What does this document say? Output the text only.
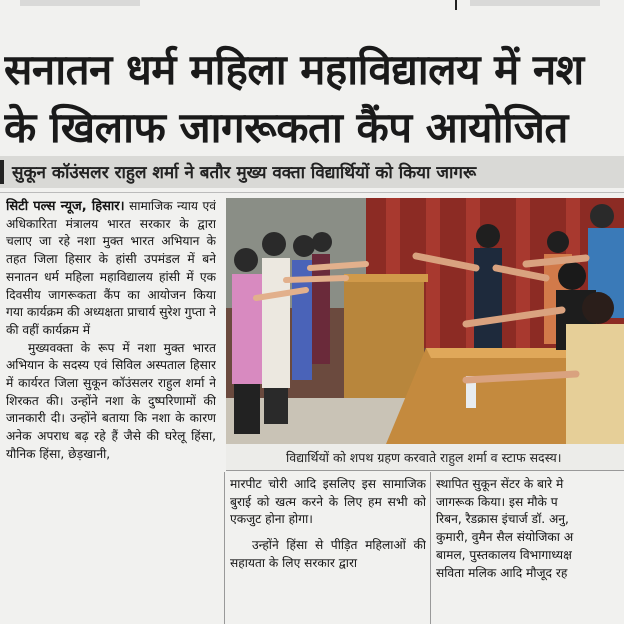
सनातन धर्म महिला महाविद्यालय में नश
के खिलाफ जागरूकता कैंप आयोजित
सुकून कॉउंसलर राहुल शर्मा ने बतौर मुख्य वक्ता विद्यार्थियों को किया जागरू

सिटी पल्स न्यूज, हिसार। सामाजिक न्याय एवं अधिकारिता मंत्रालय भारत सरकार के द्वारा चलाए जा रहे नशा मुक्त भारत अभियान के तहत जिला हिसार के हांसी उपमंडल में बने सनातन धर्म महिला महाविद्यालय हांसी में एक दिवसीय जागरूकता कैंप का आयोजन किया गया कार्यक्रम की अध्यक्षता प्राचार्य सुरेश गुप्ता ने की वहीं कार्यक्रम में

मुख्यवक्ता के रूप में नशा मुक्त भारत अभियान के सदस्य एवं सिविल अस्पताल हिसार में कार्यरत जिला सुकून कॉउंसलर राहुल शर्मा ने शिरकत की। उन्होंने नशा के दुष्परिणामों की जानकारी दी। उन्होंने बताया कि नशा के कारण अनेक अपराध बढ़ रहे हैं जैसे की घरेलू हिंसा, यौनिक हिंसा, छेड़खानी,	विद्यार्थियों को शपथ ग्रहण करवाते राहुल शर्मा व स्टाफ सदस्य।

मारपीट चोरी आदि इसलिए इस सामाजिक बुराई को खत्म करने के लिए हम सभी को एकजुट होना होगा।

उन्होंने हिंसा से पीड़ित महिलाओं की सहायता के लिए सरकार द्वारा

स्थापित सुकून सेंटर के बारे मे

जागरूक किया। इस मौके प

रिबन, रैडक्रास इंचार्ज डॉ. अनु,

कुमारी, वुमैन सैल संयोजिका अ

बामल, पुस्तकालय विभागाध्यक्ष

सविता मलिक आदि मौजूद रह
